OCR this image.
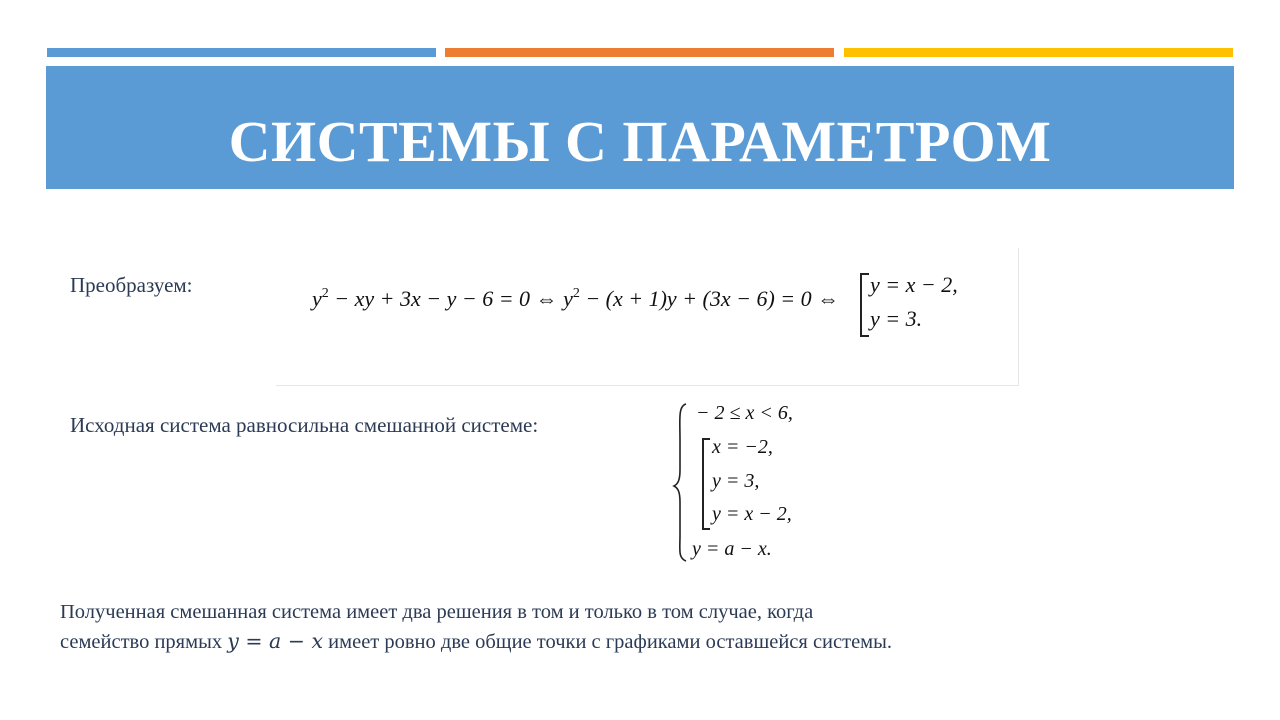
СИСТЕМЫ С ПАРАМЕТРОМ
Преобразуем:
$y^2$ − xy + 3x − y − 6 = 0 ⇔ $y^2 - (x + 1)y + (3x - 6) = 0$ ⇔
y = x − 2,
y = 3.
Исходная система равносильна смешанной системе:	− 2 ≤ x < 6,
x = −2,
y = 3,
y = x − 2,
y = a − x.
Полученная смешанная система имеет два решения в том и только в том случае, когда
семейство прямых y = a − x имеет ровно две общие точки с графиками оставшейся системы.
